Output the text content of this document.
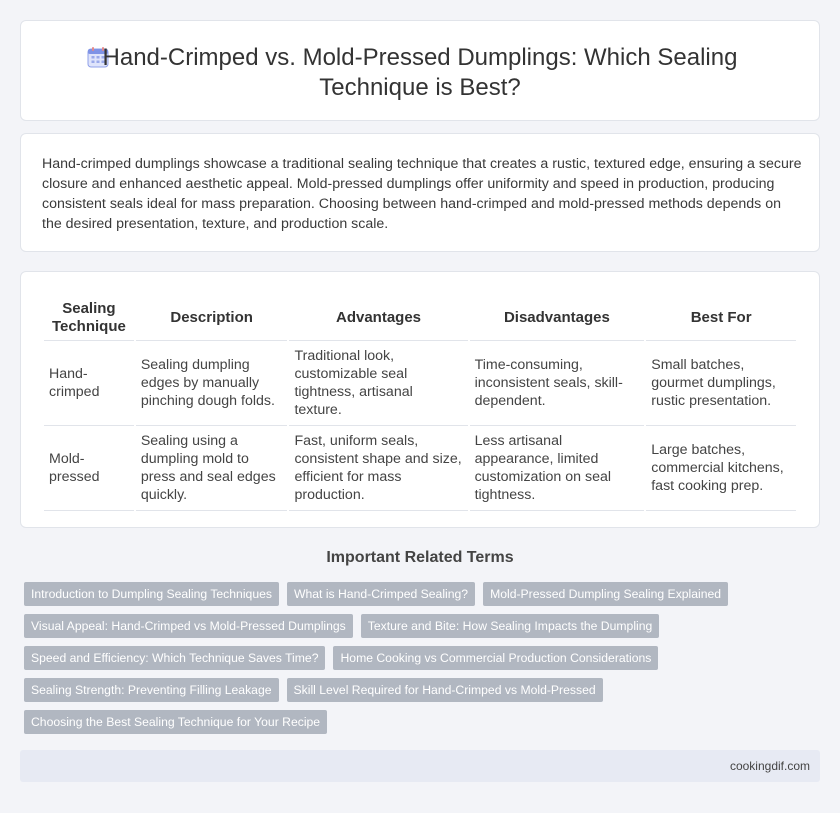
Hand-Crimped vs. Mold-Pressed Dumplings: Which Sealing Technique is Best?

Hand-crimped dumplings showcase a traditional sealing technique that creates a rustic, textured edge, ensuring a secure closure and enhanced aesthetic appeal. Mold-pressed dumplings offer uniformity and speed in production, producing consistent seals ideal for mass preparation. Choosing between hand-crimped and mold-pressed methods depends on the desired presentation, texture, and production scale.

Sealing Technique	Description	Advantages	Disadvantages	Best For
Hand-crimped	Sealing dumpling edges by manually pinching dough folds.	Traditional look, customizable seal tightness, artisanal texture.	Time-consuming, inconsistent seals, skill-dependent.	Small batches, gourmet dumplings, rustic presentation.
Mold-pressed	Sealing using a dumpling mold to press and seal edges quickly.	Fast, uniform seals, consistent shape and size, efficient for mass production.	Less artisanal appearance, limited customization on seal tightness.	Large batches, commercial kitchens, fast cooking prep.
Important Related Terms
Introduction to Dumpling Sealing Techniques	What is Hand-Crimped Sealing?	Mold-Pressed Dumpling Sealing Explained
Visual Appeal: Hand-Crimped vs Mold-Pressed Dumplings	Texture and Bite: How Sealing Impacts the Dumpling
Speed and Efficiency: Which Technique Saves Time?	Home Cooking vs Commercial Production Considerations
Sealing Strength: Preventing Filling Leakage	Skill Level Required for Hand-Crimped vs Mold-Pressed
Choosing the Best Sealing Technique for Your Recipe
cookingdif.com
